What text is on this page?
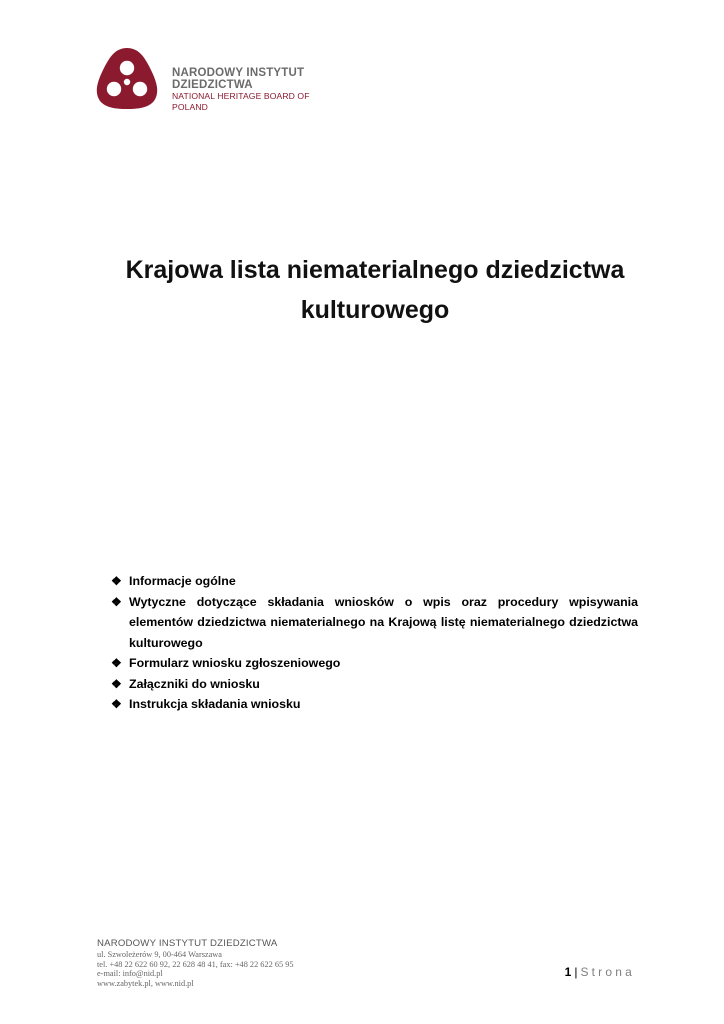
NARODOWY INSTYTUT
DZIEDZICTWA
NATIONAL HERITAGE BOARD OF POLAND
Krajowa lista niematerialnego dziedzictwa
kulturowego
❖ Informacje ogólne
❖ Wytyczne dotyczące składania wniosków o wpis oraz procedury wpisywania elementów dziedzictwa niematerialnego na Krajową listę niematerialnego dziedzictwa kulturowego
❖ Formularz wniosku zgłoszeniowego
❖ Załączniki do wniosku
❖ Instrukcja składania wniosku
NARODOWY INSTYTUT DZIEDZICTWA
ul. Szwoleżerów 9, 00-464 Warszawa
tel. +48 22 622 60 92, 22 628 48 41, fax: +48 22 622 65 95
e-mail: info@nid.pl
www.zabytek.pl, www.nid.pl
1 | Strona
